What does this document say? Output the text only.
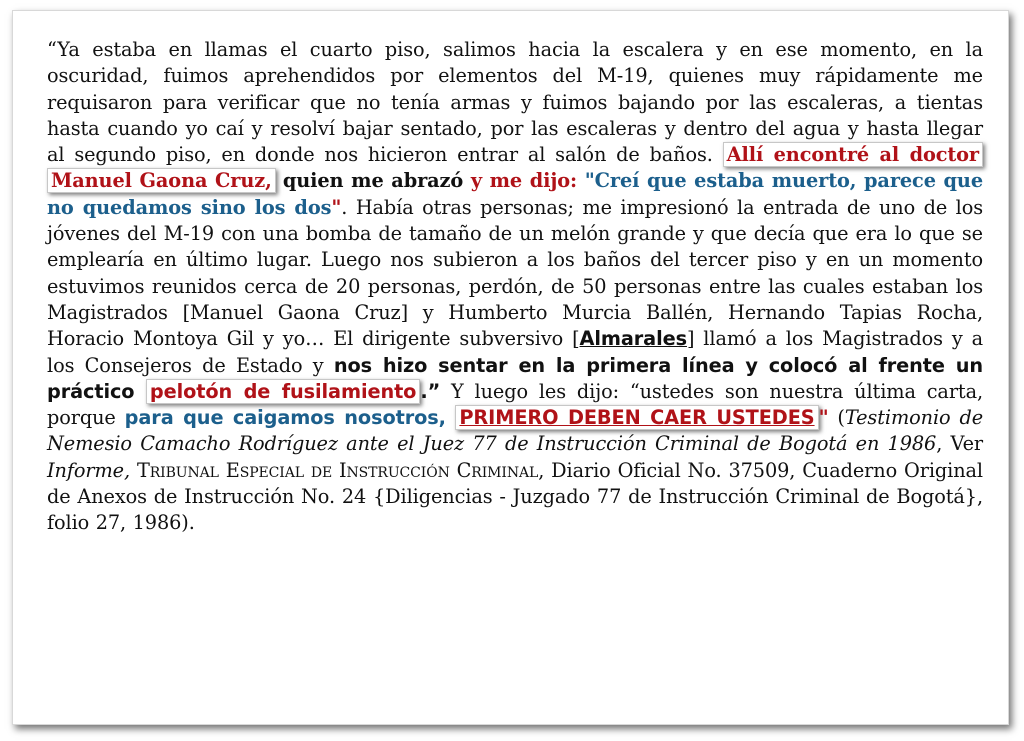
“Ya estaba en llamas el cuarto piso, salimos hacia la escalera y en ese momento, en la oscuridad, fuimos aprehendidos por elementos del M-19, quienes muy rápidamente me requisaron para verificar que no tenía armas y fuimos bajando por las escaleras, a tientas hasta cuando yo caí y resolví bajar sentado, por las escaleras y dentro del agua y hasta llegar al segundo piso, en donde nos hicieron entrar al salón de baños. Allí encontré al doctor Manuel Gaona Cruz, quien me abrazó y me dijo: "Creí que estaba muerto, parece que no quedamos sino los dos". Había otras personas; me impresionó la entrada de uno de los jóvenes del M-19 con una bomba de tamaño de un melón grande y que decía que era lo que se emplearía en último lugar. Luego nos subieron a los baños del tercer piso y en un momento estuvimos reunidos cerca de 20 personas, perdón, de 50 personas entre las cuales estaban los Magistrados [Manuel Gaona Cruz] y Humberto Murcia Ballén, Hernando Tapias Rocha, Horacio Montoya Gil y yo… El dirigente subversivo [Almarales] llamó a los Magistrados y a los Consejeros de Estado y nos hizo sentar en la primera línea y colocó al frente un práctico pelotón de fusilamiento .” Y luego les dijo: “ustedes son nuestra última carta, porque para que caigamos nosotros, PRIMERO DEBEN CAER USTEDES " (Testimonio de Nemesio Camacho Rodríguez ante el Juez 77 de Instrucción Criminal de Bogotá en 1986, Ver Informe, Tribunal Especial de Instrucción Criminal, Diario Oficial No. 37509, Cuaderno Original de Anexos de Instrucción No. 24 {Diligencias - Juzgado 77 de Instrucción Criminal de Bogotá}, folio 27, 1986).
